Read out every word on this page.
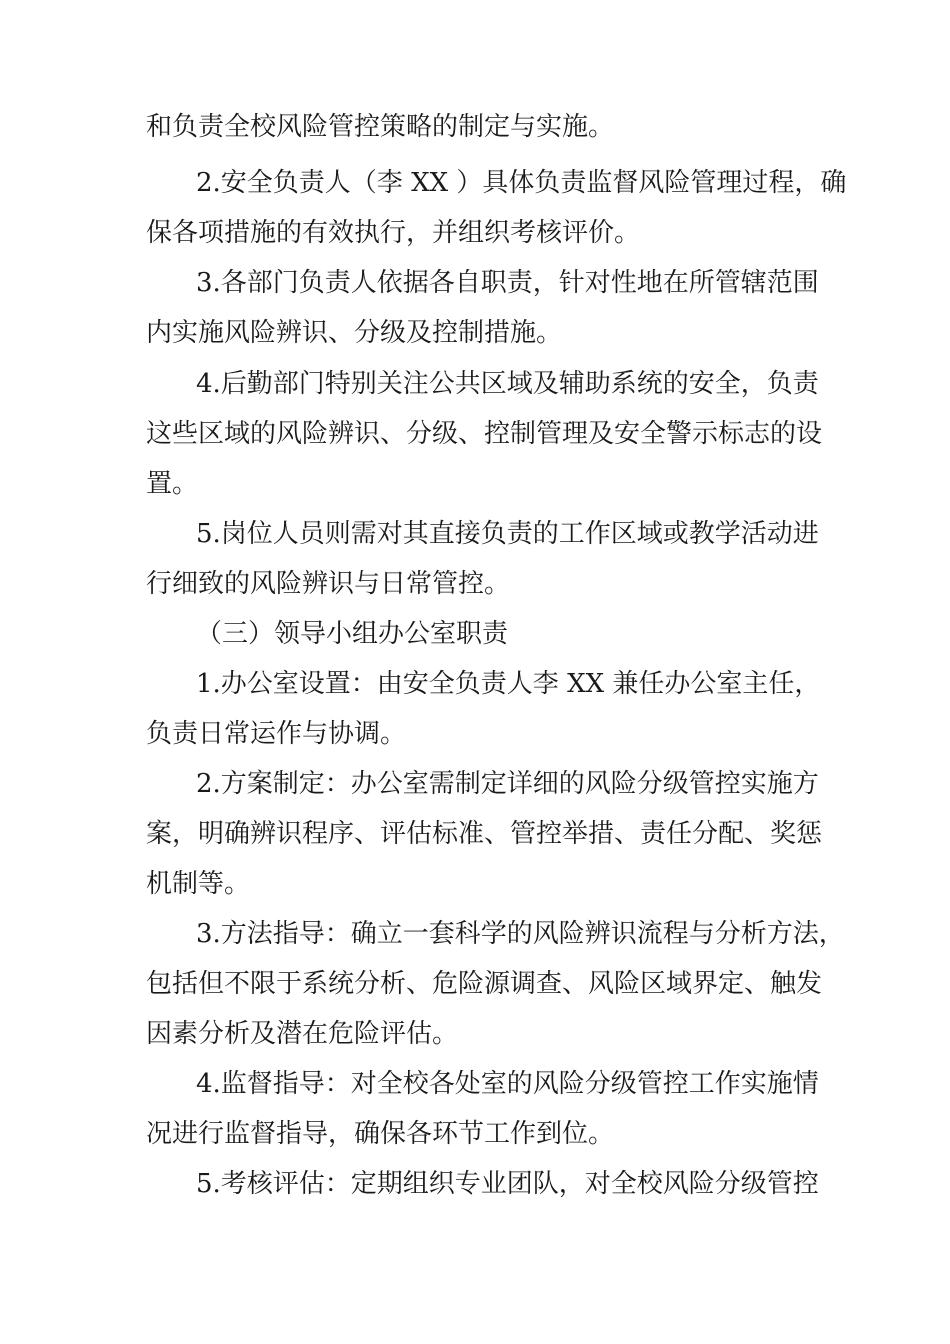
和负责全校风险管控策略的制定与实施。
2.安全负责人（李 XX ）具体负责监督风险管理过程，确
保各项措施的有效执行，并组织考核评价。
3.各部门负责人依据各自职责，针对性地在所管辖范围
内实施风险辨识、分级及控制措施。
4.后勤部门特别关注公共区域及辅助系统的安全，负责
这些区域的风险辨识、分级、控制管理及安全警示标志的设
置。
5.岗位人员则需对其直接负责的工作区域或教学活动进
行细致的风险辨识与日常管控。
（三）领导小组办公室职责
1.办公室设置：由安全负责人李 XX 兼任办公室主任，
负责日常运作与协调。
2.方案制定：办公室需制定详细的风险分级管控实施方
案，明确辨识程序、评估标准、管控举措、责任分配、奖惩
机制等。
3.方法指导：确立一套科学的风险辨识流程与分析方法，
包括但不限于系统分析、危险源调查、风险区域界定、触发
因素分析及潜在危险评估。
4.监督指导：对全校各处室的风险分级管控工作实施情
况进行监督指导，确保各环节工作到位。
5.考核评估：定期组织专业团队，对全校风险分级管控
